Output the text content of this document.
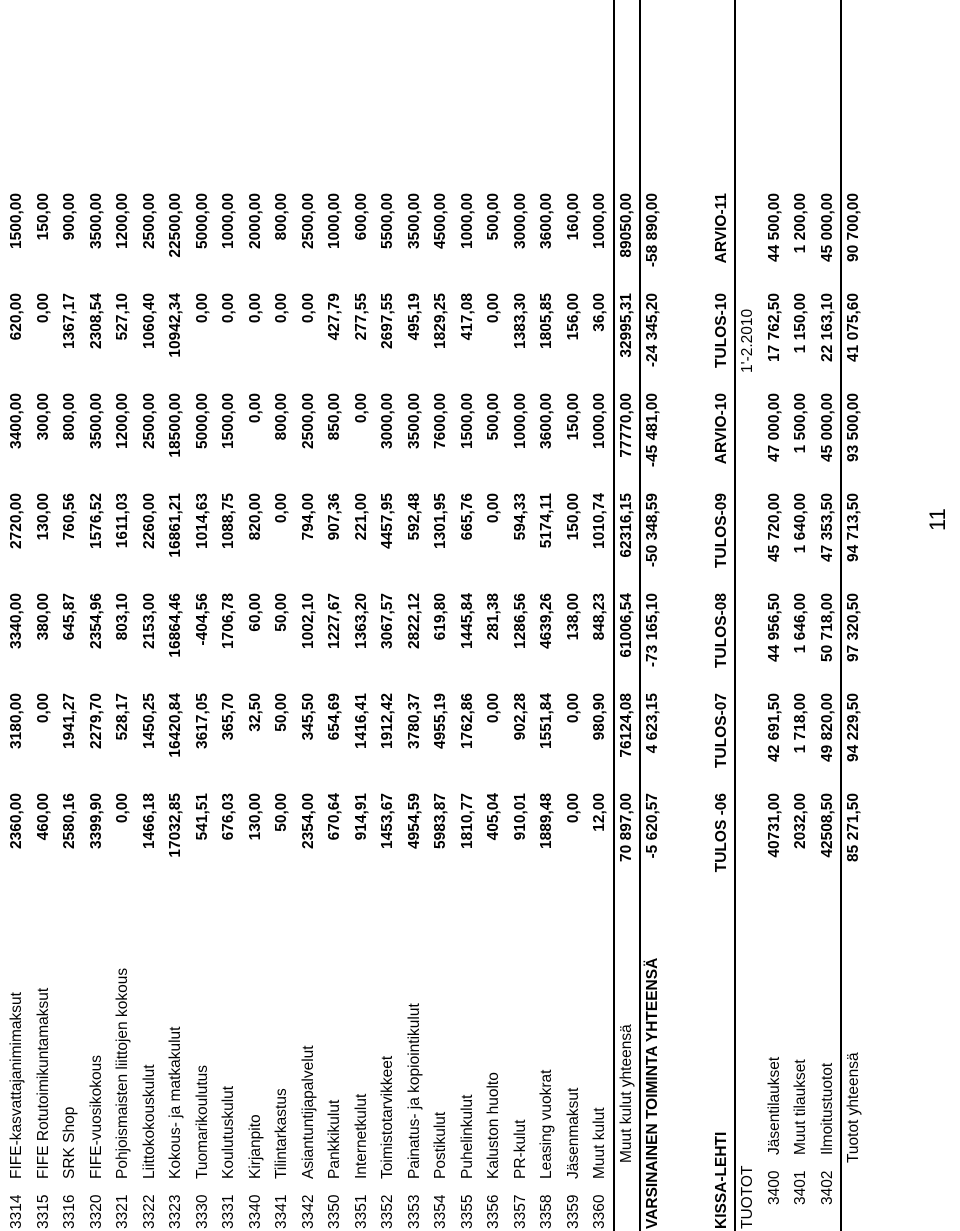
3314
FIFE-kasvattajanimimaksut
2360,00
3180,00
3340,00
2720,00
3400,00
620,00
1500,00
3315
FIFE Rotutoimikuntamaksut
460,00
0,00
380,00
130,00
300,00
0,00
150,00
3316
SRK Shop
2580,16
1941,27
645,87
760,56
800,00
1367,17
900,00
3320
FIFE-vuosikokous
3399,90
2279,70
2354,96
1576,52
3500,00
2308,54
3500,00
3321
Pohjoismaisten liittojen kokous
0,00
528,17
803,10
1611,03
1200,00
527,10
1200,00
3322
Liittokokouskulut
1466,18
1450,25
2153,00
2260,00
2500,00
1060,40
2500,00
3323
Kokous- ja matkakulut
17032,85
16420,84
16864,46
16861,21
18500,00
10942,34
22500,00
3330
Tuomarikoulutus
541,51
3617,05
-404,56
1014,63
5000,00
0,00
5000,00
3331
Koulutuskulut
676,03
365,70
1706,78
1088,75
1500,00
0,00
1000,00
3340
Kirjanpito
130,00
32,50
60,00
820,00
0,00
0,00
2000,00
3341
Tilintarkastus
50,00
50,00
50,00
0,00
800,00
0,00
800,00
3342
Asiantuntijapalvelut
2354,00
345,50
1002,10
794,00
2500,00
0,00
2500,00
3350
Pankkikulut
670,64
654,69
1227,67
907,36
850,00
427,79
1000,00
3351
Internetkulut
914,91
1416,41
1363,20
221,00
0,00
277,55
600,00
3352
Toimistotarvikkeet
1453,67
1912,42
3067,57
4457,95
3000,00
2697,55
5500,00
3353
Painatus- ja kopiointikulut
4954,59
3780,37
2822,12
592,48
3500,00
495,19
3500,00
3354
Postikulut
5983,87
4955,19
619,80
1301,95
7600,00
1829,25
4500,00
3355
Puhelinkulut
1810,77
1762,86
1445,84
665,76
1500,00
417,08
1000,00
3356
Kaluston huolto
405,04
0,00
281,38
0,00
500,00
0,00
500,00
3357
PR-kulut
910,01
902,28
1286,56
594,33
1000,00
1383,30
3000,00
3358
Leasing vuokrat
1889,48
1551,84
4639,26
5174,11
3600,00
1805,85
3600,00
3359
Jäsenmaksut
0,00
0,00
138,00
150,00
150,00
156,00
160,00
3360
Muut kulut
12,00
980,90
848,23
1010,74
1000,00
36,00
1000,00
Muut kulut yhteensä
70 897,00
76124,08
61006,54
62316,15
77770,00
32995,31
89050,00
VARSINAINEN TOIMINTA YHTEENSÄ
-5 620,57
4 623,15
-73 165,10
-50 348,59
-45 481,00
-24 345,20
-58 890,00
KISSA-LEHTI
TULOS -06
TULOS-07
TULOS-08
TULOS-09
ARVIO-10
TULOS-10
ARVIO-11
TUOTOT
1'-2.2010
3400
Jäsentilaukset
40731,00
42 691,50
44 956,50
45 720,00
47 000,00
17 762,50
44 500,00
3401
Muut tilaukset
2032,00
1 718,00
1 646,00
1 640,00
1 500,00
1 150,00
1 200,00
3402
Ilmoitustuotot
42508,50
49 820,00
50 718,00
47 353,50
45 000,00
22 163,10
45 000,00
Tuotot yhteensä
85 271,50
94 229,50
97 320,50
94 713,50
93 500,00
41 075,60
90 700,00
11
